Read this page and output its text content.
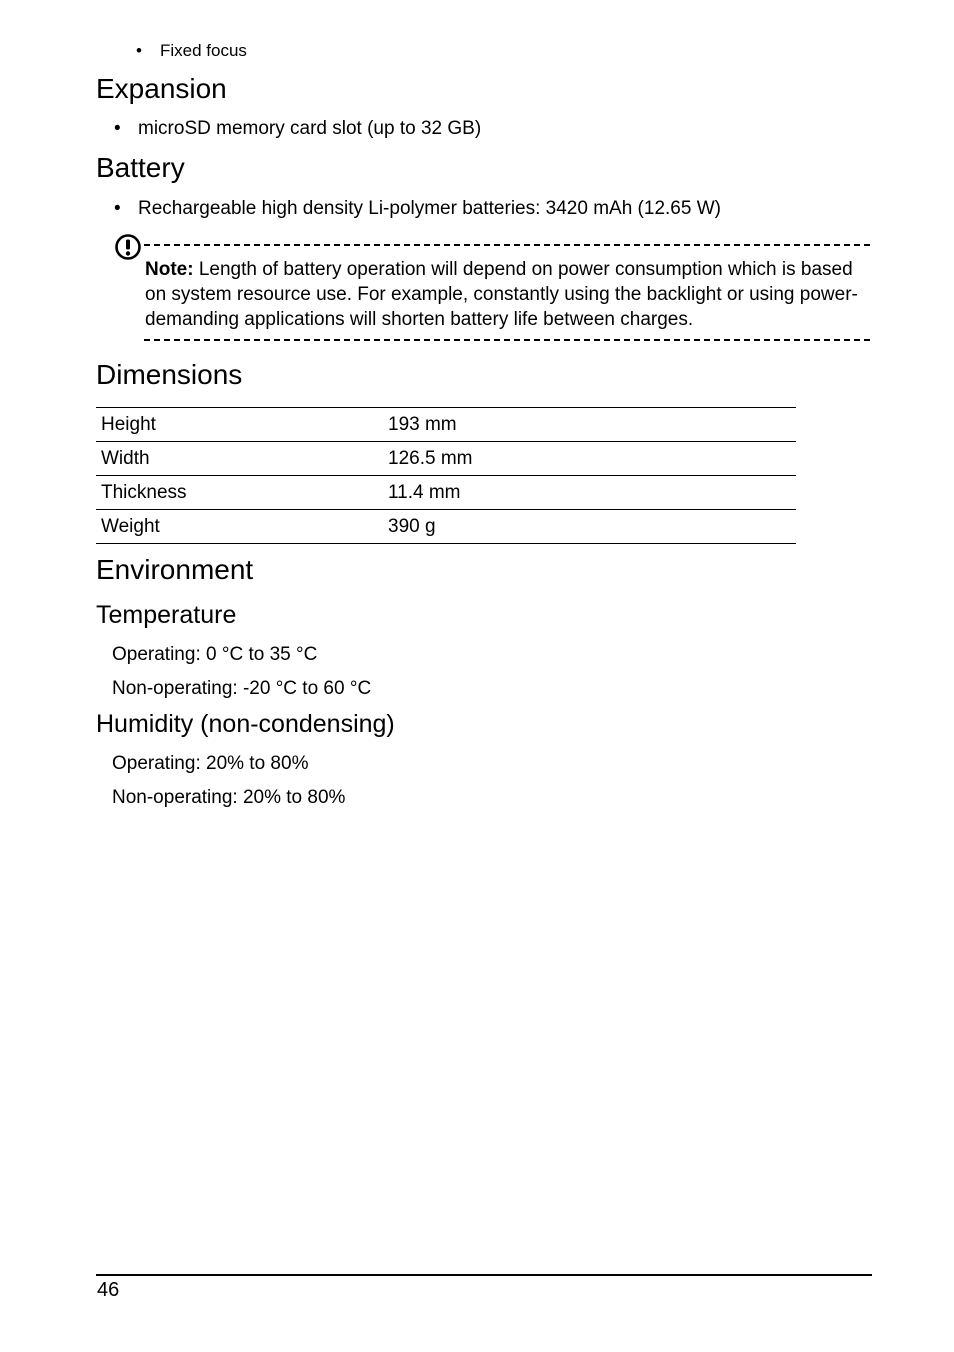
•	Fixed focus
Expansion
• microSD memory card slot (up to 32 GB)
Battery
• Rechargeable high density Li-polymer batteries: 3420 mAh (12.65 W)
Note: Length of battery operation will depend on power consumption which is based on system resource use. For example, constantly using the backlight or using power-demanding applications will shorten battery life between charges.
Dimensions
Height	193 mm
Width	126.5 mm
Thickness	11.4 mm
Weight	390 g
Environment
Temperature
Operating: 0 °C to 35 °C
Non-operating: -20 °C to 60 °C
Humidity (non-condensing)
Operating: 20% to 80%
Non-operating: 20% to 80%
46
